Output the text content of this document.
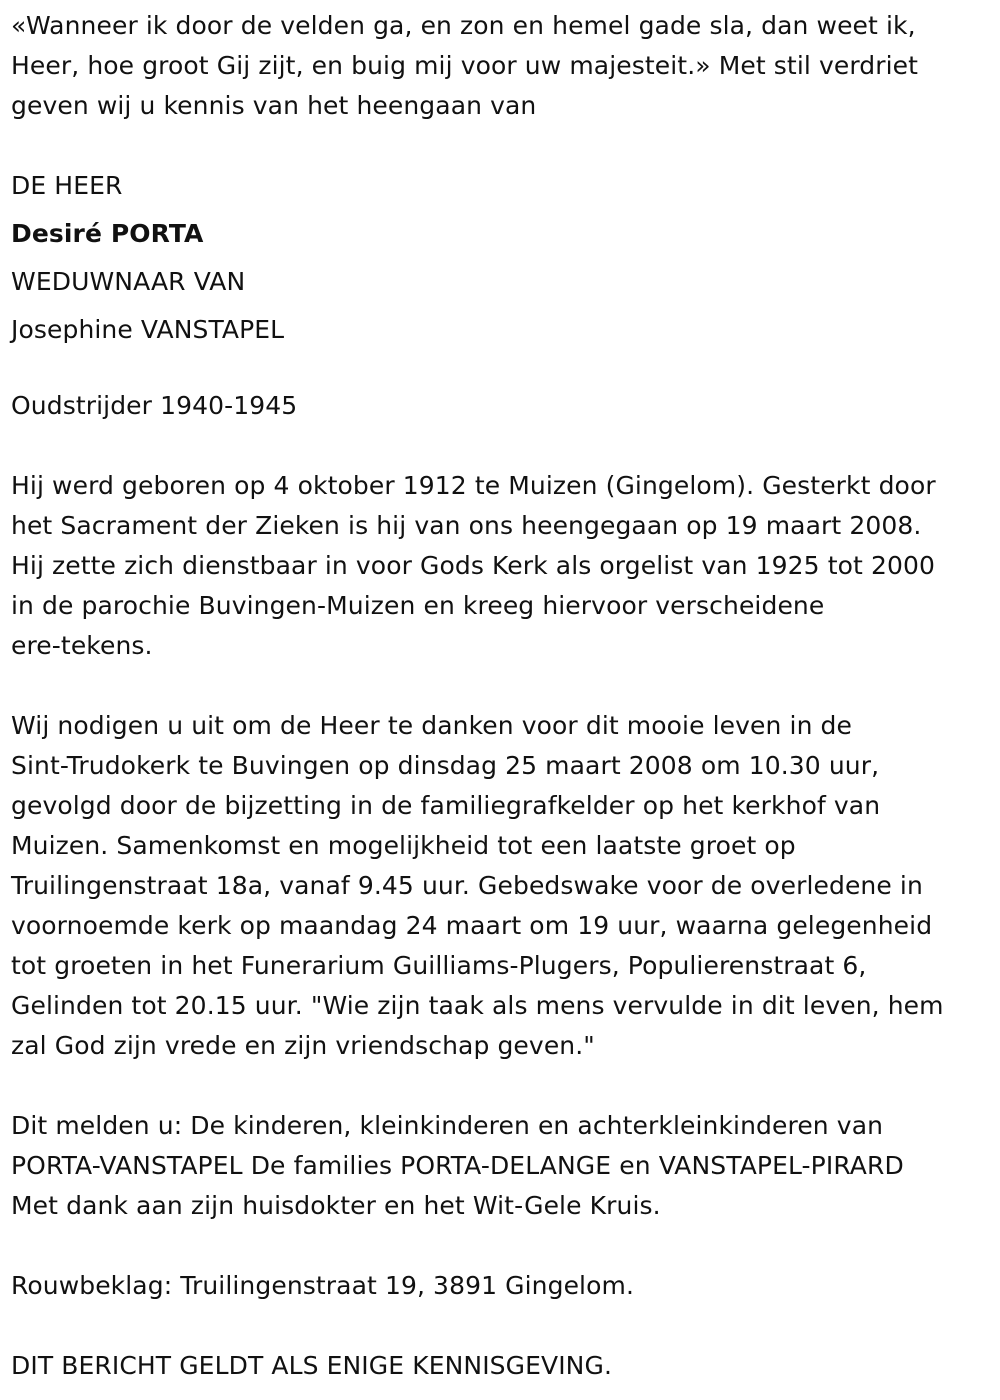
«Wanneer ik door de velden ga, en zon en hemel gade sla, dan weet ik,
Heer, hoe groot Gij zijt, en buig mij voor uw majesteit.» Met stil verdriet
geven wij u kennis van het heengaan van

DE HEER
Desiré PORTA
WEDUWNAAR VAN
Josephine VANSTAPEL

Oudstrijder 1940-1945

Hij werd geboren op 4 oktober 1912 te Muizen (Gingelom). Gesterkt door
het Sacrament der Zieken is hij van ons heengegaan op 19 maart 2008.
Hij zette zich dienstbaar in voor Gods Kerk als orgelist van 1925 tot 2000
in de parochie Buvingen-Muizen en kreeg hiervoor verscheidene
ere-tekens.

Wij nodigen u uit om de Heer te danken voor dit mooie leven in de
Sint-Trudokerk te Buvingen op dinsdag 25 maart 2008 om 10.30 uur,
gevolgd door de bijzetting in de familiegrafkelder op het kerkhof van
Muizen. Samenkomst en mogelijkheid tot een laatste groet op
Truilingenstraat 18a, vanaf 9.45 uur. Gebedswake voor de overledene in
voornoemde kerk op maandag 24 maart om 19 uur, waarna gelegenheid
tot groeten in het Funerarium Guilliams-Plugers, Populierenstraat 6,
Gelinden tot 20.15 uur. "Wie zijn taak als mens vervulde in dit leven, hem
zal God zijn vrede en zijn vriendschap geven."

Dit melden u: De kinderen, kleinkinderen en achterkleinkinderen van
PORTA-VANSTAPEL De families PORTA-DELANGE en VANSTAPEL-PIRARD
Met dank aan zijn huisdokter en het Wit-Gele Kruis.

Rouwbeklag: Truilingenstraat 19, 3891 Gingelom.

DIT BERICHT GELDT ALS ENIGE KENNISGEVING.
